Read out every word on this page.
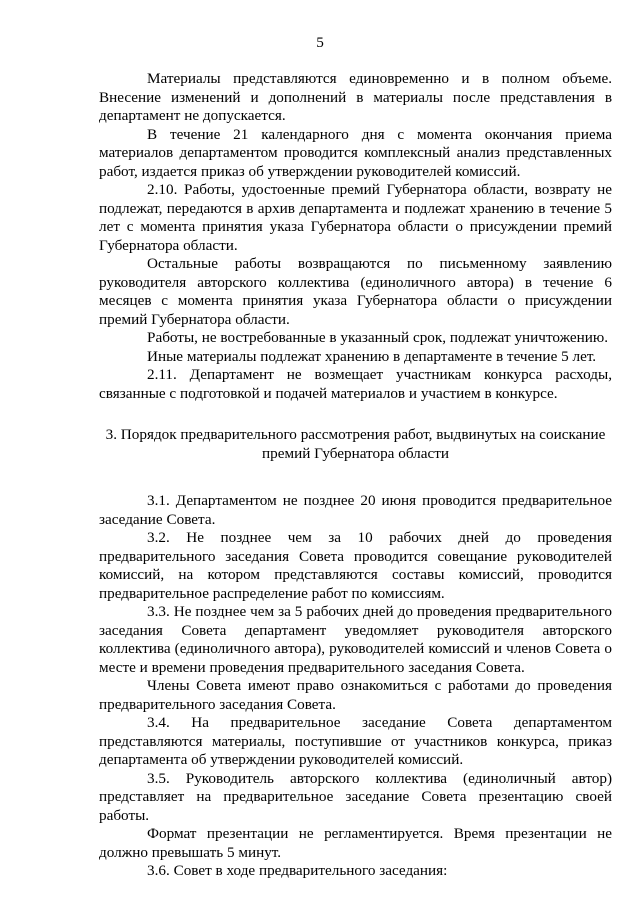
5

Материалы представляются единовременно и в полном объеме. Внесение изменений и дополнений в материалы после представления в департамент не допускается.

В течение 21 календарного дня с момента окончания приема материалов департаментом проводится комплексный анализ представленных работ, издается приказ об утверждении руководителей комиссий.

2.10. Работы, удостоенные премий Губернатора области, возврату не подлежат, передаются в архив департамента и подлежат хранению в течение 5 лет с момента принятия указа Губернатора области о присуждении премий Губернатора области.

Остальные работы возвращаются по письменному заявлению руководителя авторского коллектива (единоличного автора) в течение 6 месяцев с момента принятия указа Губернатора области о присуждении премий Губернатора области.

Работы, не востребованные в указанный срок, подлежат уничтожению.

Иные материалы подлежат хранению в департаменте в течение 5 лет.

2.11. Департамент не возмещает участникам конкурса расходы, связанные с подготовкой и подачей материалов и участием в конкурсе.

3. Порядок предварительного рассмотрения работ, выдвинутых на соискание премий Губернатора области

3.1. Департаментом не позднее 20 июня проводится предварительное заседание Совета.

3.2. Не позднее чем за 10 рабочих дней до проведения предварительного заседания Совета проводится совещание руководителей комиссий, на котором представляются составы комиссий, проводится предварительное распределение работ по комиссиям.

3.3. Не позднее чем за 5 рабочих дней до проведения предварительного заседания Совета департамент уведомляет руководителя авторского коллектива (единоличного автора), руководителей комиссий и членов Совета о месте и времени проведения предварительного заседания Совета.

Члены Совета имеют право ознакомиться с работами до проведения предварительного заседания Совета.

3.4. На предварительное заседание Совета департаментом представляются материалы, поступившие от участников конкурса, приказ департамента об утверждении руководителей комиссий.

3.5. Руководитель авторского коллектива (единоличный автор) представляет на предварительное заседание Совета презентацию своей работы.

Формат презентации не регламентируется. Время презентации не должно превышать 5 минут.

3.6. Совет в ходе предварительного заседания:
